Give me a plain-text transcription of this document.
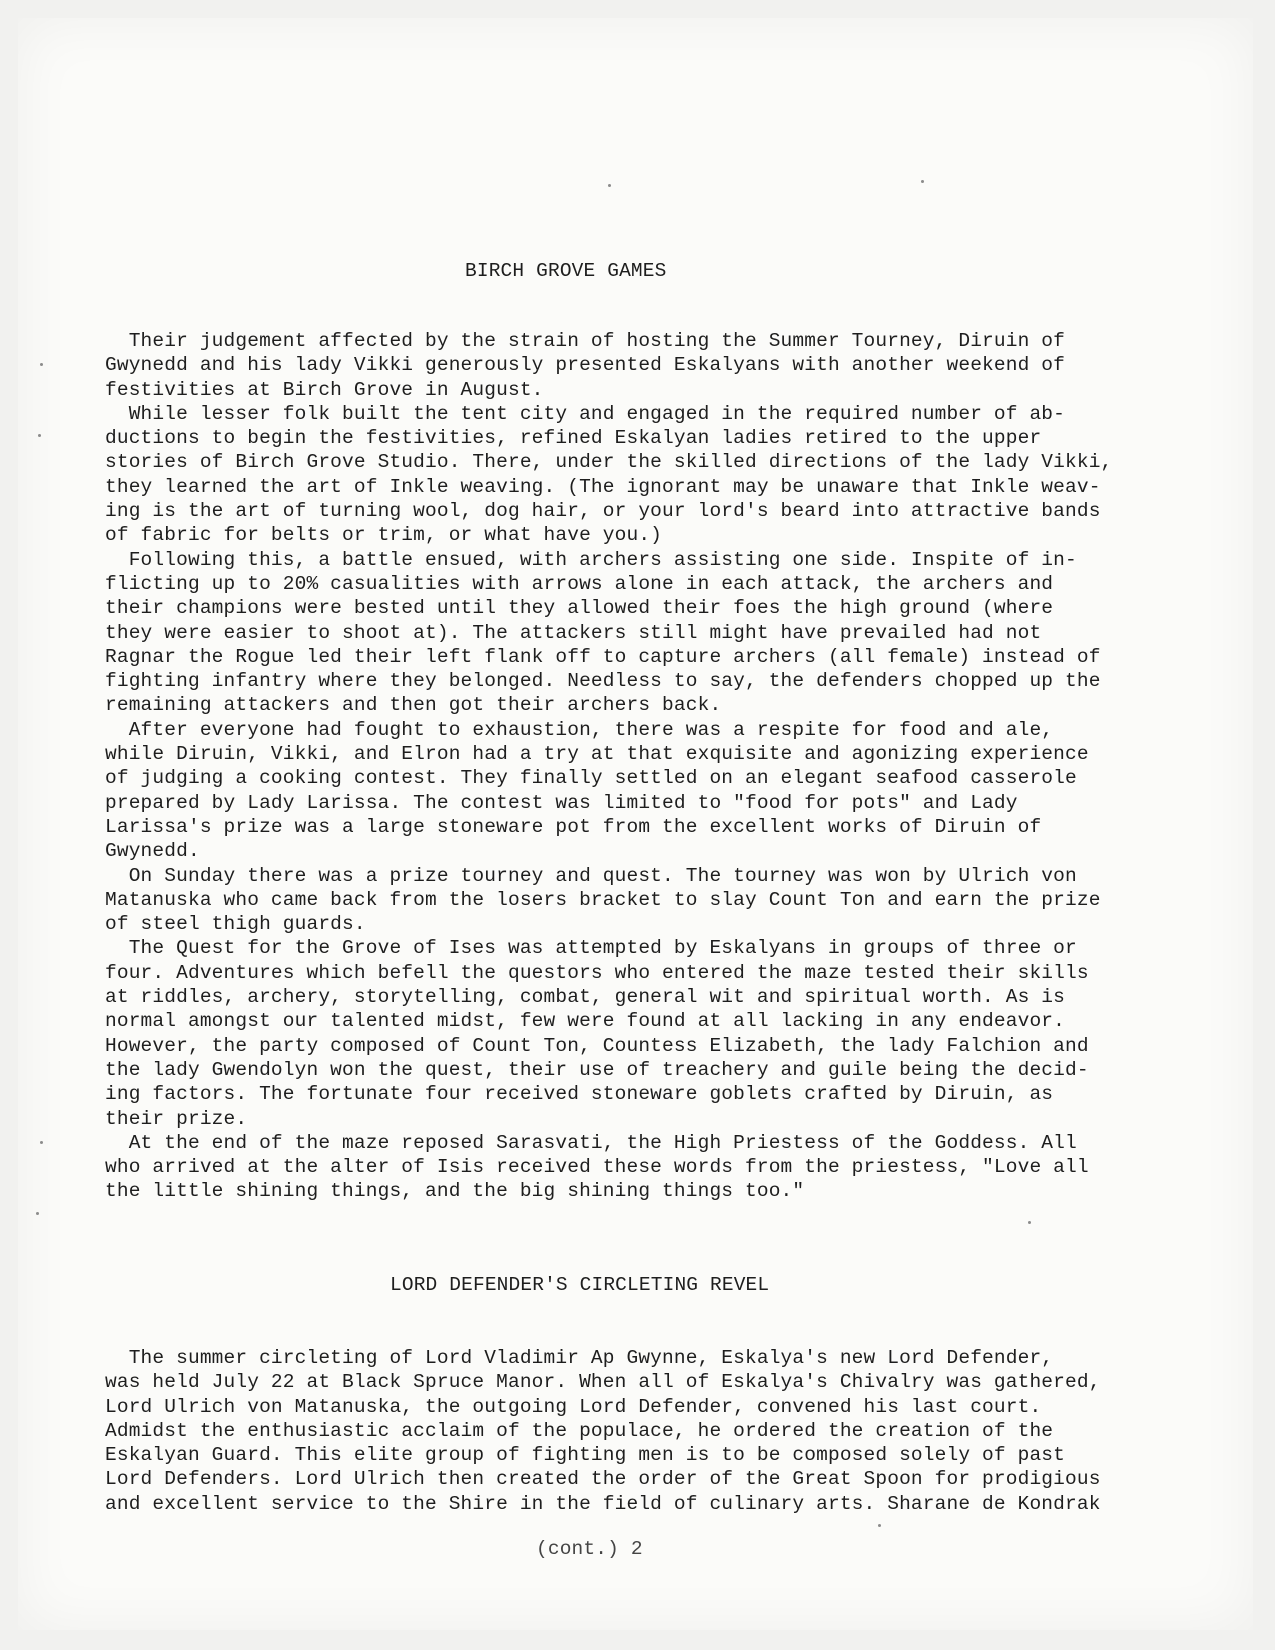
BIRCH GROVE GAMES
Their judgement affected by the strain of hosting the Summer Tourney, Diruin of
Gwynedd and his lady Vikki generously presented Eskalyans with another weekend of
festivities at Birch Grove in August.
While lesser folk built the tent city and engaged in the required number of ab-
ductions to begin the festivities, refined Eskalyan ladies retired to the upper
stories of Birch Grove Studio. There, under the skilled directions of the lady Vikki,
they learned the art of Inkle weaving. (The ignorant may be unaware that Inkle weav-
ing is the art of turning wool, dog hair, or your lord's beard into attractive bands
of fabric for belts or trim, or what have you.)
Following this, a battle ensued, with archers assisting one side. Inspite of in-
flicting up to 20% casualities with arrows alone in each attack, the archers and
their champions were bested until they allowed their foes the high ground (where
they were easier to shoot at). The attackers still might have prevailed had not
Ragnar the Rogue led their left flank off to capture archers (all female) instead of
fighting infantry where they belonged. Needless to say, the defenders chopped up the
remaining attackers and then got their archers back.
After everyone had fought to exhaustion, there was a respite for food and ale,
while Diruin, Vikki, and Elron had a try at that exquisite and agonizing experience
of judging a cooking contest. They finally settled on an elegant seafood casserole
prepared by Lady Larissa. The contest was limited to "food for pots" and Lady
Larissa's prize was a large stoneware pot from the excellent works of Diruin of
Gwynedd.
On Sunday there was a prize tourney and quest. The tourney was won by Ulrich von
Matanuska who came back from the losers bracket to slay Count Ton and earn the prize
of steel thigh guards.
The Quest for the Grove of Ises was attempted by Eskalyans in groups of three or
four. Adventures which befell the questors who entered the maze tested their skills
at riddles, archery, storytelling, combat, general wit and spiritual worth. As is
normal amongst our talented midst, few were found at all lacking in any endeavor.
However, the party composed of Count Ton, Countess Elizabeth, the lady Falchion and
the lady Gwendolyn won the quest, their use of treachery and guile being the decid-
ing factors. The fortunate four received stoneware goblets crafted by Diruin, as
their prize.
At the end of the maze reposed Sarasvati, the High Priestess of the Goddess. All
who arrived at the alter of Isis received these words from the priestess, "Love all
the little shining things, and the big shining things too."
LORD DEFENDER'S CIRCLETING REVEL
The summer circleting of Lord Vladimir Ap Gwynne, Eskalya's new Lord Defender,
was held July 22 at Black Spruce Manor. When all of Eskalya's Chivalry was gathered,
Lord Ulrich von Matanuska, the outgoing Lord Defender, convened his last court.
Admidst the enthusiastic acclaim of the populace, he ordered the creation of the
Eskalyan Guard. This elite group of fighting men is to be composed solely of past
Lord Defenders. Lord Ulrich then created the order of the Great Spoon for prodigious
and excellent service to the Shire in the field of culinary arts. Sharane de Kondrak
(cont.) 2
